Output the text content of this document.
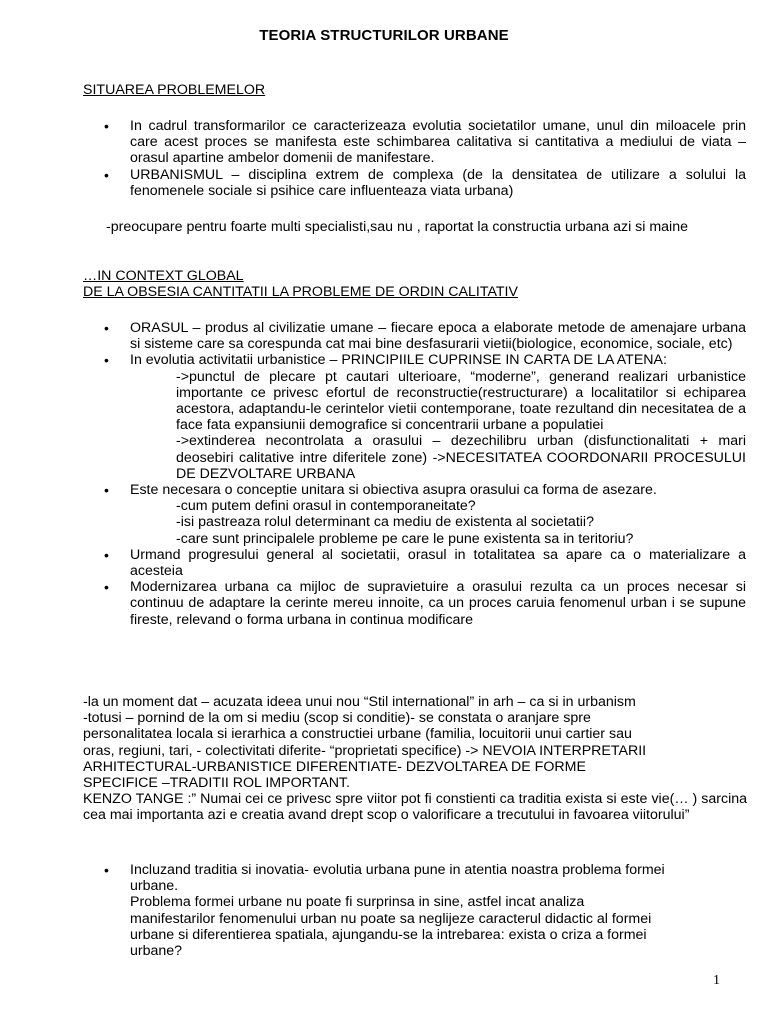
TEORIA STRUCTURILOR URBANE
SITUAREA PROBLEMELOR
• In cadrul transformarilor ce caracterizeaza evolutia societatilor umane, unul din miloacele prin care acest proces se manifesta este schimbarea calitativa si cantitativa a mediului de viata – orasul apartine ambelor domenii de manifestare.
• URBANISMUL – disciplina extrem de complexa (de la densitatea de utilizare a solului la fenomenele sociale si psihice care influenteaza viata urbana)
-preocupare pentru foarte multi specialisti,sau nu , raportat la constructia urbana azi si maine
…IN CONTEXT GLOBAL
DE LA OBSESIA CANTITATII LA PROBLEME DE ORDIN CALITATIV
• ORASUL – produs al civilizatie umane – fiecare epoca a elaborate metode de amenajare urbana si sisteme care sa corespunda cat mai bine desfasurarii vietii(biologice, economice, sociale, etc)
• In evolutia activitatii urbanistice – PRINCIPIILE CUPRINSE IN CARTA DE LA ATENA:
->punctul de plecare pt cautari ulterioare, “moderne”, generand realizari urbanistice importante ce privesc efortul de reconstructie(restructurare) a localitatilor si echiparea acestora, adaptandu-le cerintelor vietii contemporane, toate rezultand din necesitatea de a face fata expansiunii demografice si concentrarii urbane a populatiei
->extinderea necontrolata a orasului – dezechilibru urban (disfunctionalitati + mari deosebiri calitative intre diferitele zone) ->NECESITATEA COORDONARII PROCESULUI DE DEZVOLTARE URBANA
• Este necesara o conceptie unitara si obiectiva asupra orasului ca forma de asezare.
-cum putem defini orasul in contemporaneitate?
-isi pastreaza rolul determinant ca mediu de existenta al societatii?
-care sunt principalele probleme pe care le pune existenta sa in teritoriu?
• Urmand progresului general al societatii, orasul in totalitatea sa apare ca o materializare a acesteia
• Modernizarea urbana ca mijloc de supravietuire a orasului rezulta ca un proces necesar si continuu de adaptare la cerinte mereu innoite, ca un proces caruia fenomenul urban i se supune fireste, relevand o forma urbana in continua modificare
-la un moment dat – acuzata ideea unui nou “Stil international” in arh – ca si in urbanism
-totusi – pornind de la om si mediu (scop si conditie)- se constata o aranjare spre
personalitatea locala si ierarhica a constructiei urbane (familia, locuitorii unui cartier sau
oras, regiuni, tari, - colectivitati diferite- “proprietati specifice) -> NEVOIA INTERPRETARII
ARHITECTURAL-URBANISTICE DIFERENTIATE- DEZVOLTAREA DE FORME
SPECIFICE –TRADITII ROL IMPORTANT.
KENZO TANGE :” Numai cei ce privesc spre viitor pot fi constienti ca traditia exista si este vie(… ) sarcina cea mai importanta azi e creatia avand drept scop o valorificare a trecutului in favoarea viitorului”
• Incluzand traditia si inovatia- evolutia urbana pune in atentia noastra problema formei
urbane.
Problema formei urbane nu poate fi surprinsa in sine, astfel incat analiza
manifestarilor fenomenului urban nu poate sa neglijeze caracterul didactic al formei
urbane si diferentierea spatiala, ajungandu-se la intrebarea: exista o criza a formei
urbane?
1
